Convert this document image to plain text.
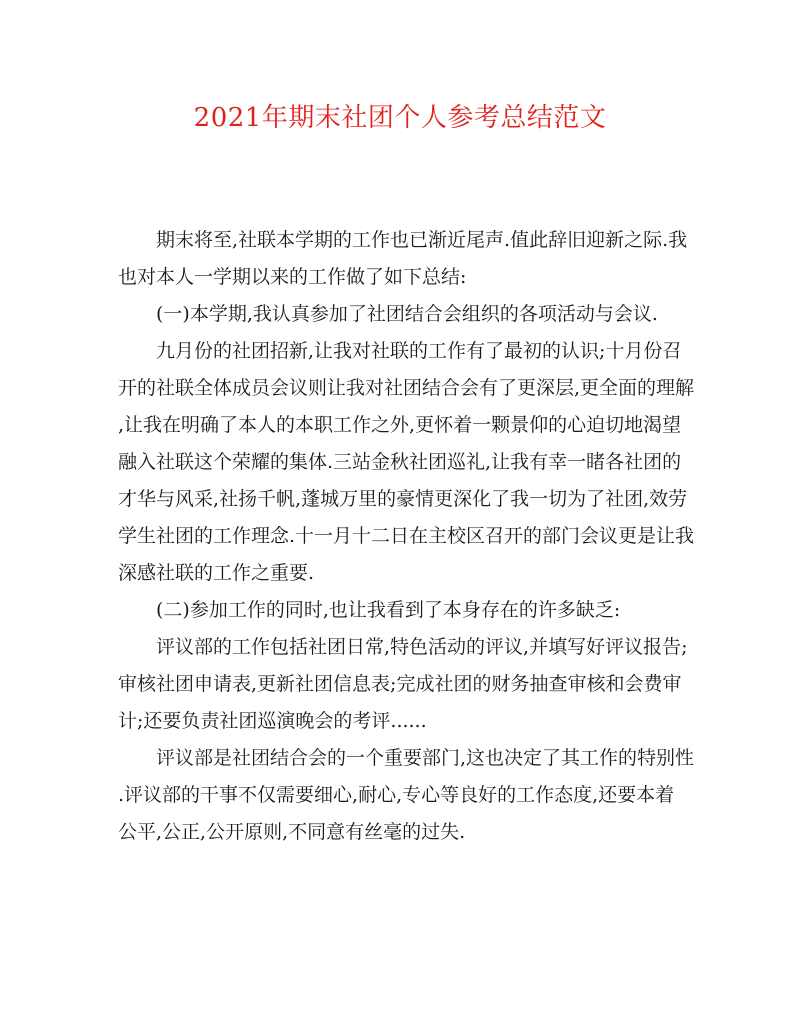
2021年期末社团个人参考总结范文
期末将至,社联本学期的工作也已渐近尾声.值此辞旧迎新之际.我
也对本人一学期以来的工作做了如下总结:
(一)本学期,我认真参加了社团结合会组织的各项活动与会议.
九月份的社团招新,让我对社联的工作有了最初的认识;十月份召
开的社联全体成员会议则让我对社团结合会有了更深层,更全面的理解
,让我在明确了本人的本职工作之外,更怀着一颗景仰的心迫切地渴望
融入社联这个荣耀的集体.三站金秋社团巡礼,让我有幸一睹各社团的
才华与风采,社扬千帆,蓬城万里的豪情更深化了我一切为了社团,效劳
学生社团的工作理念.十一月十二日在主校区召开的部门会议更是让我
深感社联的工作之重要.
(二)参加工作的同时,也让我看到了本身存在的许多缺乏:
评议部的工作包括社团日常,特色活动的评议,并填写好评议报告;
审核社团申请表,更新社团信息表;完成社团的财务抽查审核和会费审
计;还要负责社团巡演晚会的考评......
评议部是社团结合会的一个重要部门,这也决定了其工作的特别性
.评议部的干事不仅需要细心,耐心,专心等良好的工作态度,还要本着
公平,公正,公开原则,不同意有丝毫的过失.
